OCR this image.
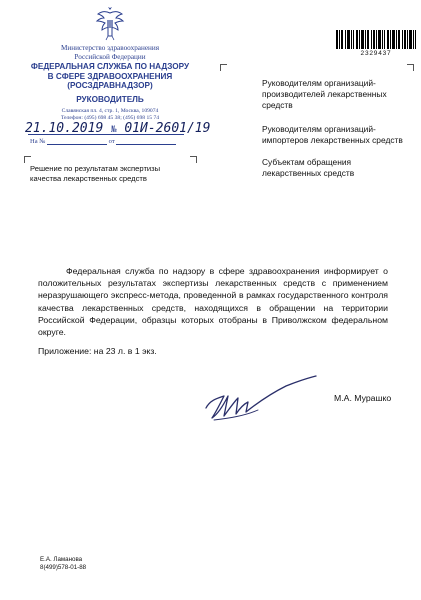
Министерство здравоохранения
Российской Федерации
ФЕДЕРАЛЬНАЯ СЛУЖБА ПО НАДЗОРУ
В СФЕРЕ ЗДРАВООХРАНЕНИЯ
(РОСЗДРАВНАДЗОР)
РУКОВОДИТЕЛЬ
Славянская пл. 4, стр. 1, Москва, 109074
Телефон: (495) 698 45 38; (495) 698 15 74
21.10.2019 № 01И-2601/19
На №	от
Решение по результатам экспертизы качества лекарственных средств
2329437
Руководителям организаций-производителей лекарственных средств
Руководителям организаций-импортеров лекарственных средств
Субъектам обращения лекарственных средств
Федеральная служба по надзору в сфере здравоохранения информирует о положительных результатах экспертизы лекарственных средств с применением неразрушающего экспресс-метода, проведенной в рамках государственного контроля качества лекарственных средств, находящихся в обращении на территории Российской Федерации, образцы которых отобраны в Приволжском федеральном округе.
Приложение: на 23 л. в 1 экз.
М.А. Мурашко
Е.А. Ламанова
8(499)578-01-88
